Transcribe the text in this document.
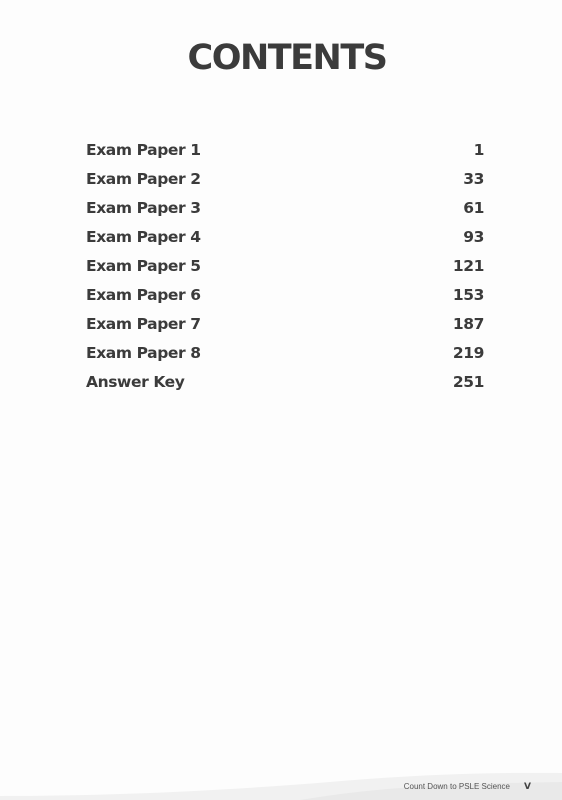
CONTENTS
Exam Paper 1	1
Exam Paper 2	33
Exam Paper 3	61
Exam Paper 4	93
Exam Paper 5	121
Exam Paper 6	153
Exam Paper 7	187
Exam Paper 8	219
Answer Key	251
Count Down to PSLE Science V
